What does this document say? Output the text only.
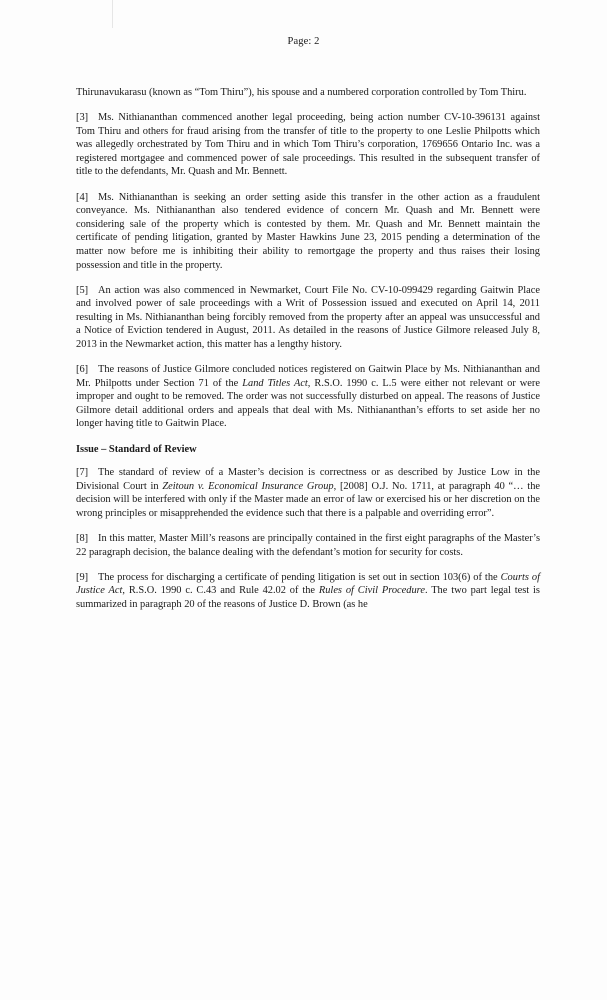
Page: 2

Thirunavukarasu (known as “Tom Thiru”), his spouse and a numbered corporation controlled by Tom Thiru.

[3] Ms. Nithiananthan commenced another legal proceeding, being action number CV-10-396131 against Tom Thiru and others for fraud arising from the transfer of title to the property to one Leslie Philpotts which was allegedly orchestrated by Tom Thiru and in which Tom Thiru’s corporation, 1769656 Ontario Inc. was a registered mortgagee and commenced power of sale proceedings. This resulted in the subsequent transfer of title to the defendants, Mr. Quash and Mr. Bennett.

[4] Ms. Nithiananthan is seeking an order setting aside this transfer in the other action as a fraudulent conveyance. Ms. Nithiananthan also tendered evidence of concern Mr. Quash and Mr. Bennett were considering sale of the property which is contested by them. Mr. Quash and Mr. Bennett maintain the certificate of pending litigation, granted by Master Hawkins June 23, 2015 pending a determination of the matter now before me is inhibiting their ability to remortgage the property and thus raises their losing possession and title in the property.

[5] An action was also commenced in Newmarket, Court File No. CV-10-099429 regarding Gaitwin Place and involved power of sale proceedings with a Writ of Possession issued and executed on April 14, 2011 resulting in Ms. Nithiananthan being forcibly removed from the property after an appeal was unsuccessful and a Notice of Eviction tendered in August, 2011. As detailed in the reasons of Justice Gilmore released July 8, 2013 in the Newmarket action, this matter has a lengthy history.

[6] The reasons of Justice Gilmore concluded notices registered on Gaitwin Place by Ms. Nithiananthan and Mr. Philpotts under Section 71 of the Land Titles Act, R.S.O. 1990 c. L.5 were either not relevant or were improper and ought to be removed. The order was not successfully disturbed on appeal. The reasons of Justice Gilmore detail additional orders and appeals that deal with Ms. Nithiananthan’s efforts to set aside her no longer having title to Gaitwin Place.

Issue – Standard of Review

[7] The standard of review of a Master’s decision is correctness or as described by Justice Low in the Divisional Court in Zeitoun v. Economical Insurance Group, [2008] O.J. No. 1711, at paragraph 40 “… the decision will be interfered with only if the Master made an error of law or exercised his or her discretion on the wrong principles or misapprehended the evidence such that there is a palpable and overriding error”.

[8] In this matter, Master Mill’s reasons are principally contained in the first eight paragraphs of the Master’s 22 paragraph decision, the balance dealing with the defendant’s motion for security for costs.

[9] The process for discharging a certificate of pending litigation is set out in section 103(6) of the Courts of Justice Act, R.S.O. 1990 c. C.43 and Rule 42.02 of the Rules of Civil Procedure. The two part legal test is summarized in paragraph 20 of the reasons of Justice D. Brown (as he
